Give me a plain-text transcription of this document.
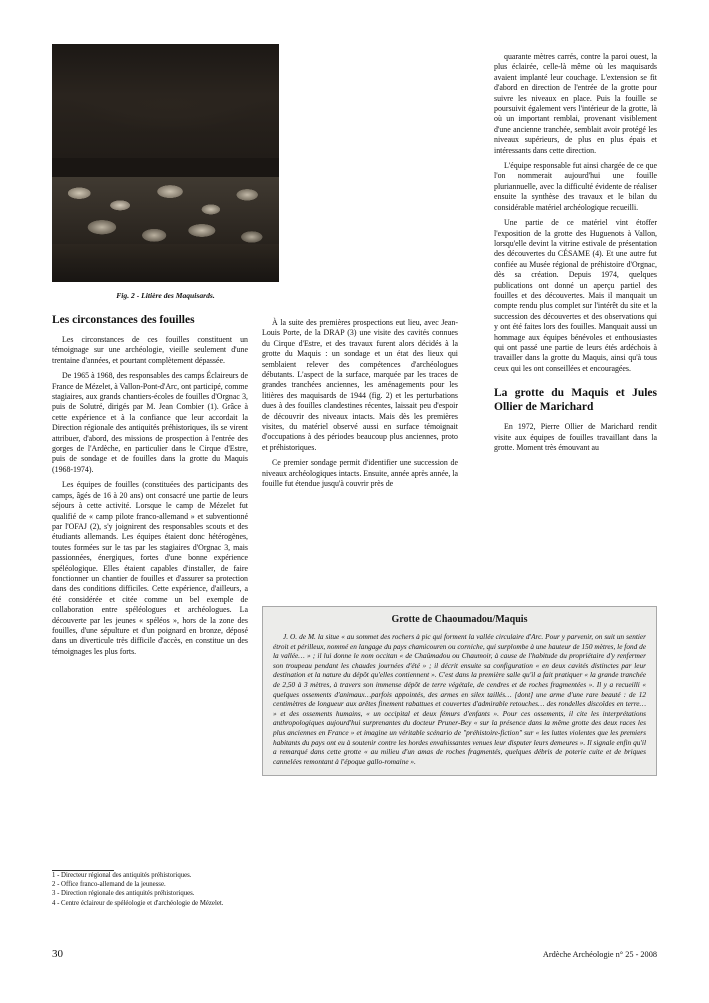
Fig. 2 - Litière des Maquisards.
Les circonstances des fouilles

Les circonstances de ces fouilles constituent un témoignage sur une archéologie, vieille seulement d'une trentaine d'années, et pourtant complètement dépassée.

De 1965 à 1968, des responsables des camps Éclaireurs de France de Mézelet, à Vallon-Pont-d'Arc, ont participé, comme stagiaires, aux grands chantiers-écoles de fouilles d'Orgnac 3, puis de Solutré, dirigés par M. Jean Combier (1). Grâce à cette expérience et à la confiance que leur accordait la Direction régionale des antiquités préhistoriques, ils se virent attribuer, d'abord, des missions de prospection à l'entrée des gorges de l'Ardèche, en particulier dans le Cirque d'Estre, puis de sondage et de fouilles dans la grotte du Maquis (1968-1974).

Les équipes de fouilles (constituées des participants des camps, âgés de 16 à 20 ans) ont consacré une partie de leurs séjours à cette activité. Lorsque le camp de Mézelet fut qualifié de « camp pilote franco-allemand » et subventionné par l'OFAJ (2), s'y joignirent des responsables scouts et des étudiants allemands. Les équipes étaient donc hétérogènes, toutes formées sur le tas par les stagiaires d'Orgnac 3, mais passionnées, énergiques, fortes d'une bonne expérience spéléologique. Elles étaient capables d'installer, de faire fonctionner un chantier de fouilles et d'assurer sa protection dans des conditions difficiles. Cette expérience, d'ailleurs, a été considérée et citée comme un bel exemple de collaboration entre spéléologues et archéologues. La découverte par les jeunes « spéléos », hors de la zone des fouilles, d'une sépulture et d'un poignard en bronze, déposé dans un diverticule très difficile d'accès, en constitue un des témoignages les plus forts.

À la suite des premières prospections eut lieu, avec Jean-Louis Porte, de la DRAP (3) une visite des cavités connues du Cirque d'Estre, et des travaux furent alors décidés à la grotte du Maquis : un sondage et un état des lieux qui semblaient relever des compétences d'archéologues débutants. L'aspect de la surface, marquée par les traces de grandes tranchées anciennes, les aménagements pour les litières des maquisards de 1944 (fig. 2) et les perturbations dues à des fouilles clandestines récentes, laissait peu d'espoir de découvrir des niveaux intacts. Mais dès les premières visites, du matériel observé aussi en surface témoignait d'occupations à des périodes beaucoup plus anciennes, proto et préhistoriques.

Ce premier sondage permit d'identifier une succession de niveaux archéologiques intacts. Ensuite, année après année, la fouille fut étendue jusqu'à couvrir près de

quarante mètres carrés, contre la paroi ouest, la plus éclairée, celle-là même où les maquisards avaient implanté leur couchage. L'extension se fit d'abord en direction de l'entrée de la grotte pour suivre les niveaux en place. Puis la fouille se poursuivit également vers l'intérieur de la grotte, là où un important remblai, provenant visiblement d'une ancienne tranchée, semblait avoir protégé les niveaux supérieurs, de plus en plus épais et intéressants dans cette direction.

L'équipe responsable fut ainsi chargée de ce que l'on nommerait aujourd'hui une fouille pluriannuelle, avec la difficulté évidente de réaliser ensuite la synthèse des travaux et le bilan du considérable matériel archéologique recueilli.

Une partie de ce matériel vint étoffer l'exposition de la grotte des Huguenots à Vallon, lorsqu'elle devint la vitrine estivale de présentation des découvertes du CÉSAME (4). Et une autre fut confiée au Musée régional de préhistoire d'Orgnac, dès sa création. Depuis 1974, quelques publications ont donné un aperçu partiel des fouilles et des découvertes. Mais il manquait un compte rendu plus complet sur l'intérêt du site et la succession des découvertes et des observations qui y ont été faites lors des fouilles. Manquait aussi un hommage aux équipes bénévoles et enthousiastes qui ont passé une partie de leurs étés ardéchois à travailler dans la grotte du Maquis, ainsi qu'à tous ceux qui les ont conseillées et encouragées.

La grotte du Maquis et Jules Ollier de Marichard

En 1972, Pierre Ollier de Marichard rendit visite aux équipes de fouilles travaillant dans la grotte. Moment très émouvant au

Grotte de Chaoumadou/Maquis

J. O. de M. la situe « au sommet des rochers à pic qui forment la vallée circulaire d'Arc. Pour y parvenir, on suit un sentier étroit et périlleux, nommé en langage du pays chamicouren ou corniche, qui surplombe à une hauteur de 150 mètres, le fond de la vallée… » ; il lui donne le nom occitan « de Chaümadou ou Chaumoir, à cause de l'habitude du propriétaire d'y renfermer son troupeau pendant les chaudes journées d'été » ; il décrit ensuite sa configuration « en deux cavités distinctes par leur destination et la nature du dépôt qu'elles contiennent ». C'est dans la première salle qu'il a fait pratiquer « la grande tranchée de 2,50 à 3 mètres, à travers son immense dépôt de terre végétale, de cendres et de roches fragmentées ». Il y a recueilli « quelques ossements d'animaux…parfois appointés, des armes en silex taillés… [dont] une arme d'une rare beauté : de 12 centimètres de longueur aux arêtes finement rabattues et couvertes d'admirable retouches… des rondelles discoïdes en terre… » et des ossements humains, « un occipital et deux fémurs d'enfants ». Pour ces ossements, il cite les interprétations anthropologiques aujourd'hui surprenantes du docteur Pruner-Bey « sur la présence dans la même grotte des deux races les plus anciennes en France » et imagine un véritable scénario de "préhistoire-fiction" sur « les luttes violentes que les premiers habitants du pays ont eu à soutenir contre les hordes envahissantes venues leur disputer leurs demeures ». Il signale enfin qu'il a remarqué dans cette grotte « au milieu d'un amas de roches fragmentés, quelques débris de poterie cuite et de briques cannelées remontant à l'époque gallo-romaine ».

1 - Directeur régional des antiquités préhistoriques.
2 - Office franco-allemand de la jeunesse.
3 - Direction régionale des antiquités préhistoriques.
4 - Centre éclaireur de spéléologie et d'archéologie de Mézelet.
30	Ardèche Archéologie n° 25 - 2008
